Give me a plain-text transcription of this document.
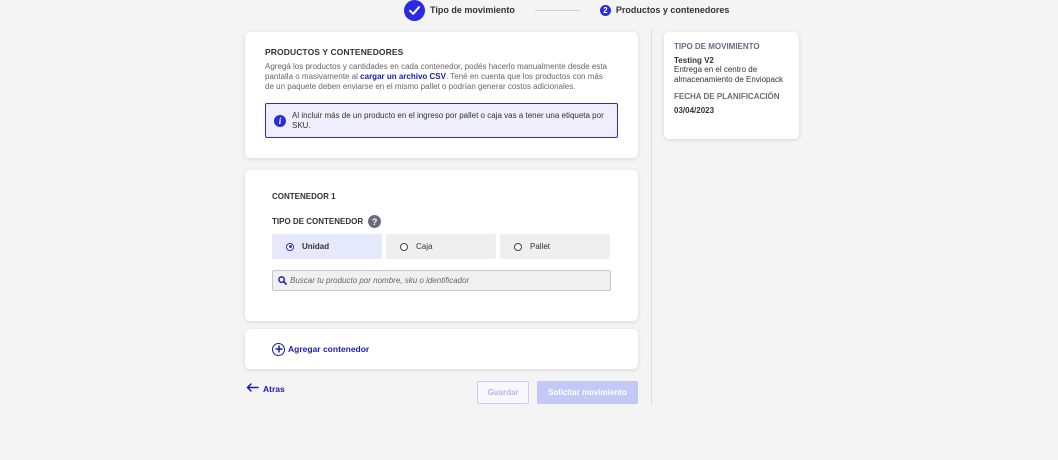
Tipo de movimiento	2 Productos y contenedores
PRODUCTOS Y CONTENEDORES

Agregá los productos y cantidades en cada contenedor, podés hacerlo manualmente desde esta pantalla o masivamente al cargar un archivo CSV. Tené en cuenta que los productos con más de un paquete deben enviarse en el mismo pallet o podrían generar costos adicionales.

i
Al incluir más de un producto en el ingreso por pallet o caja vas a tener una etiqueta por SKU.
CONTENEDOR 1
TIPO DE CONTENEDOR ?
Unidad	Caja	Pallet
Buscar tu producto por nombre, sku o identificador
Agregar contenedor
Atras	Guardar	Solicitar movimiento
TIPO DE MOVIMIENTO
Testing V2
Entrega en el centro de almacenamiento de Enviopack
FECHA DE PLANIFICACIÓN
03/04/2023
